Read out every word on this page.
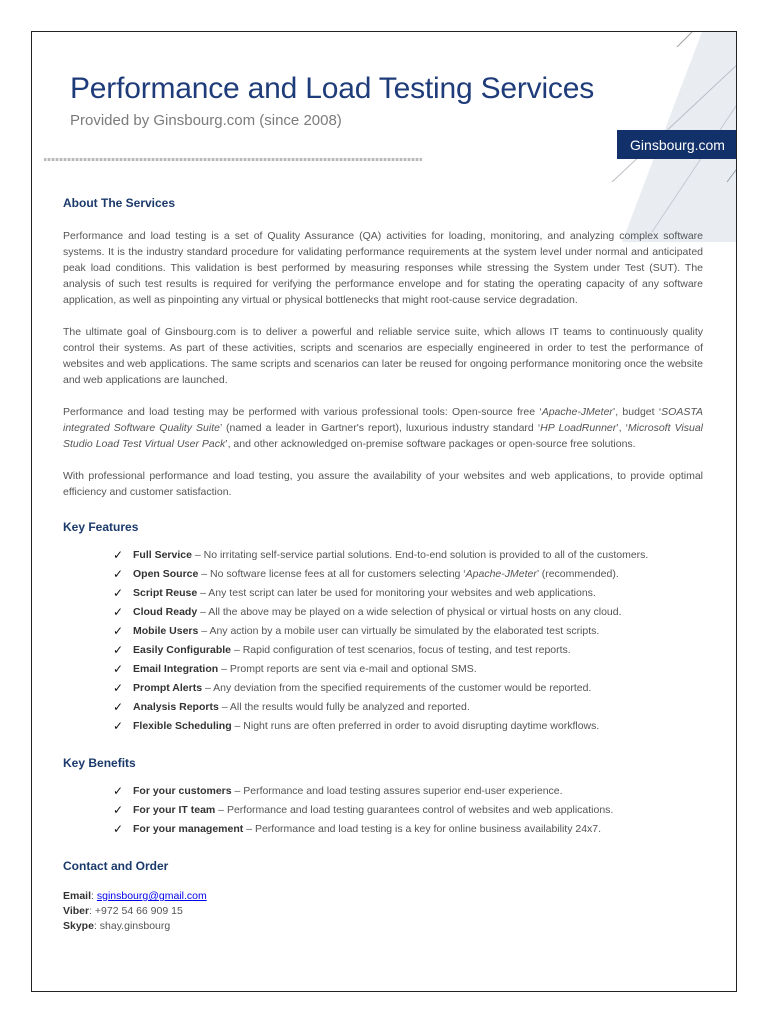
Performance and Load Testing Services
Provided by Ginsbourg.com (since 2008)
Ginsbourg.com
About The Services

Performance and load testing is a set of Quality Assurance (QA) activities for loading, monitoring, and analyzing complex software systems. It is the industry standard procedure for validating performance requirements at the system level under normal and anticipated peak load conditions. This validation is best performed by measuring responses while stressing the System under Test (SUT). The analysis of such test results is required for verifying the performance envelope and for stating the operating capacity of any software application, as well as pinpointing any virtual or physical bottlenecks that might root-cause service degradation.

The ultimate goal of Ginsbourg.com is to deliver a powerful and reliable service suite, which allows IT teams to continuously quality control their systems. As part of these activities, scripts and scenarios are especially engineered in order to test the performance of websites and web applications. The same scripts and scenarios can later be reused for ongoing performance monitoring once the website and web applications are launched.

Performance and load testing may be performed with various professional tools: Open-source free ‘Apache-JMeter’, budget ‘SOASTA integrated Software Quality Suite’ (named a leader in Gartner's report), luxurious industry standard ‘HP LoadRunner’, ‘Microsoft Visual Studio Load Test Virtual User Pack’, and other acknowledged on-premise software packages or open-source free solutions.

With professional performance and load testing, you assure the availability of your websites and web applications, to provide optimal efficiency and customer satisfaction.

Key Features
✓ Full Service – No irritating self-service partial solutions. End-to-end solution is provided to all of the customers.
✓ Open Source – No software license fees at all for customers selecting ‘Apache-JMeter’ (recommended).
✓ Script Reuse – Any test script can later be used for monitoring your websites and web applications.
✓ Cloud Ready – All the above may be played on a wide selection of physical or virtual hosts on any cloud.
✓ Mobile Users – Any action by a mobile user can virtually be simulated by the elaborated test scripts.
✓ Easily Configurable – Rapid configuration of test scenarios, focus of testing, and test reports.
✓ Email Integration – Prompt reports are sent via e-mail and optional SMS.
✓ Prompt Alerts – Any deviation from the specified requirements of the customer would be reported.
✓ Analysis Reports – All the results would fully be analyzed and reported.
✓ Flexible Scheduling – Night runs are often preferred in order to avoid disrupting daytime workflows.
Key Benefits
✓ For your customers – Performance and load testing assures superior end-user experience.
✓ For your IT team – Performance and load testing guarantees control of websites and web applications.
✓ For your management – Performance and load testing is a key for online business availability 24x7.
Contact and Order
Email: sginsbourg@gmail.com
Viber: +972 54 66 909 15
Skype: shay.ginsbourg
